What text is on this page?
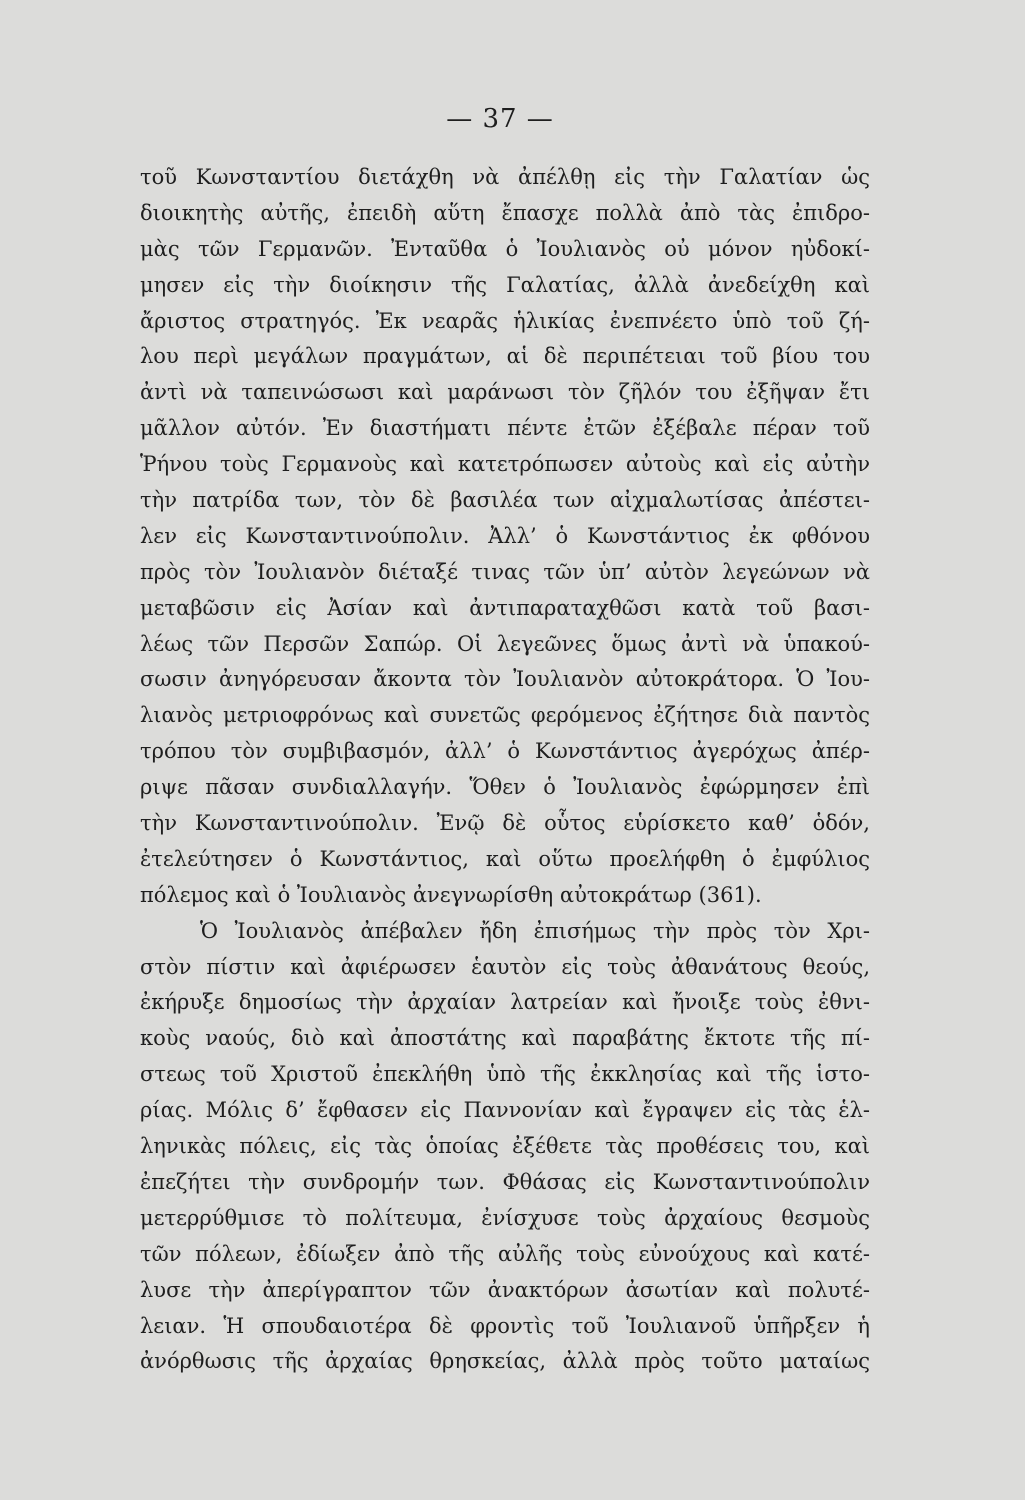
— 37 —
τοῦ Κωνσταντίου διετάχθη νὰ ἀπέλθῃ εἰς τὴν Γαλατίαν ὡς
διοικητὴς αὐτῆς, ἐπειδὴ αὕτη ἔπασχε πολλὰ ἀπὸ τὰς ἐπιδρο-
μὰς τῶν Γερμανῶν. Ἐνταῦθα ὁ Ἰουλιανὸς οὐ μόνον ηὐδοκί-
μησεν εἰς τὴν διοίκησιν τῆς Γαλατίας, ἀλλὰ ἀνεδείχθη καὶ
ἄριστος στρατηγός. Ἐκ νεαρᾶς ἡλικίας ἐνεπνέετο ὑπὸ τοῦ ζή-
λου περὶ μεγάλων πραγμάτων, αἱ δὲ περιπέτειαι τοῦ βίου του
ἀντὶ νὰ ταπεινώσωσι καὶ μαράνωσι τὸν ζῆλόν του ἐξῆψαν ἔτι
μᾶλλον αὐτόν. Ἐν διαστήματι πέντε ἐτῶν ἐξέβαλε πέραν τοῦ
Ῥήνου τοὺς Γερμανοὺς καὶ κατετρόπωσεν αὐτοὺς καὶ εἰς αὐτὴν
τὴν πατρίδα των, τὸν δὲ βασιλέα των αἰχμαλωτίσας ἀπέστει-
λεν εἰς Κωνσταντινούπολιν. Ἀλλ’ ὁ Κωνστάντιος ἐκ φθόνου
πρὸς τὸν Ἰουλιανὸν διέταξέ τινας τῶν ὑπ’ αὐτὸν λεγεώνων νὰ
μεταβῶσιν εἰς Ἀσίαν καὶ ἀντιπαραταχθῶσι κατὰ τοῦ βασι-
λέως τῶν Περσῶν Σαπώρ. Οἱ λεγεῶνες ὅμως ἀντὶ νὰ ὑπακού-
σωσιν ἀνηγόρευσαν ἄκοντα τὸν Ἰουλιανὸν αὐτοκράτορα. Ὁ Ἰου-
λιανὸς μετριοφρόνως καὶ συνετῶς φερόμενος ἐζήτησε διὰ παντὸς
τρόπου τὸν συμβιβασμόν, ἀλλ’ ὁ Κωνστάντιος ἀγερόχως ἀπέρ-
ριψε πᾶσαν συνδιαλλαγήν. Ὅθεν ὁ Ἰουλιανὸς ἐφώρμησεν ἐπὶ
τὴν Κωνσταντινούπολιν. Ἐνῷ δὲ οὗτος εὑρίσκετο καθ’ ὁδόν,
ἐτελεύτησεν ὁ Κωνστάντιος, καὶ οὕτω προελήφθη ὁ ἐμφύλιος
πόλεμος καὶ ὁ Ἰουλιανὸς ἀνεγνωρίσθη αὐτοκράτωρ (361).
Ὁ Ἰουλιανὸς ἀπέβαλεν ἤδη ἐπισήμως τὴν πρὸς τὸν Χρι-
στὸν πίστιν καὶ ἀφιέρωσεν ἑαυτὸν εἰς τοὺς ἀθανάτους θεούς,
ἐκήρυξε δημοσίως τὴν ἀρχαίαν λατρείαν καὶ ἤνοιξε τοὺς ἐθνι-
κοὺς ναούς, διὸ καὶ ἀποστάτης καὶ παραβάτης ἔκτοτε τῆς πί-
στεως τοῦ Χριστοῦ ἐπεκλήθη ὑπὸ τῆς ἐκκλησίας καὶ τῆς ἱστο-
ρίας. Μόλις δ’ ἔφθασεν εἰς Παννονίαν καὶ ἔγραψεν εἰς τὰς ἑλ-
ληνικὰς πόλεις, εἰς τὰς ὁποίας ἐξέθετε τὰς προθέσεις του, καὶ
ἐπεζήτει τὴν συνδρομήν των. Φθάσας εἰς Κωνσταντινούπολιν
μετερρύθμισε τὸ πολίτευμα, ἐνίσχυσε τοὺς ἀρχαίους θεσμοὺς
τῶν πόλεων, ἐδίωξεν ἀπὸ τῆς αὐλῆς τοὺς εὐνούχους καὶ κατέ-
λυσε τὴν ἀπερίγραπτον τῶν ἀνακτόρων ἀσωτίαν καὶ πολυτέ-
λειαν. Ἡ σπουδαιοτέρα δὲ φροντὶς τοῦ Ἰουλιανοῦ ὑπῆρξεν ἡ
ἀνόρθωσις τῆς ἀρχαίας θρησκείας, ἀλλὰ πρὸς τοῦτο ματαίως
